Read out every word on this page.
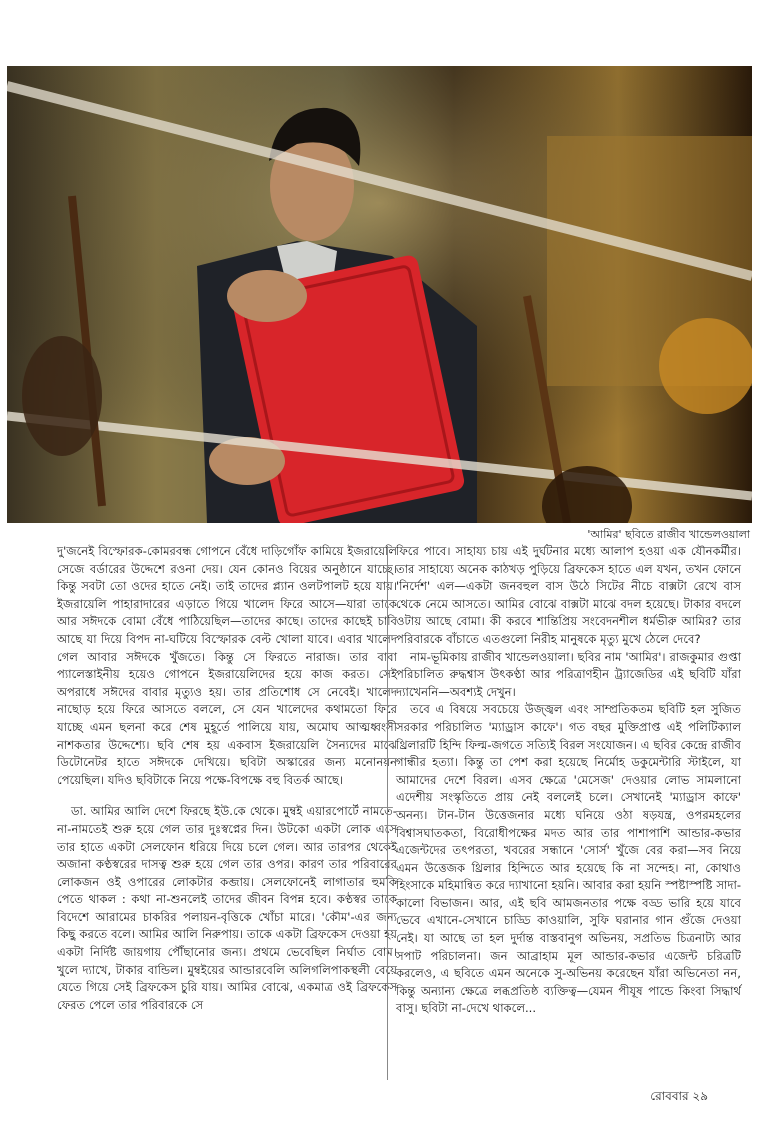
'আমির' ছবিতে রাজীব খান্ডেলওয়ালা

দু'জনেই বিস্ফোরক-কোমরবন্ধ গোপনে বেঁধে দাড়িগোঁফ কামিয়ে ইজরায়েলি সেজে বর্ডারের উদ্দেশে রওনা দেয়। যেন কোনও বিয়ের অনুষ্ঠানে যাচ্ছে। কিন্তু সবটা তো ওদের হাতে নেই। তাই তাদের প্ল্যান ওলটপালট হয়ে যায়। ইজরায়েলি পাহারাদারের এড়াতে গিয়ে খালেদ ফিরে আসে—যারা তাকে আর সঈদকে বোমা বেঁধে পাঠিয়েছিল—তাদের কাছে। তাদের কাছেই চাবি আছে যা দিয়ে বিপদ না-ঘটিয়ে বিস্ফোরক বেল্ট খোলা যাবে। এবার খালেদ গেল আবার সঈদকে খুঁজতে। কিন্তু সে ফিরতে নারাজ। তার বাবা প্যালেস্তাইনীয় হয়েও গোপনে ইজরায়েলিদের হয়ে কাজ করত। সেই অপরাধে সঈদের বাবার মৃত্যুও হয়। তার প্রতিশোধ সে নেবেই। খালেদ নাছোড় হয়ে ফিরে আসতে বললে, সে যেন খালেদের কথামতো ফিরে যাচ্ছে এমন ছলনা করে শেষ মুহূর্তে পালিয়ে যায়, অমোঘ আত্মধ্বংসী নাশকতার উদ্দেশ্যে। ছবি শেষ হয় একবাস ইজরায়েলি সৈন্যদের মাঝে ডিটোনেটর হাতে সঈদকে দেখিয়ে। ছবিটা অস্কারের জন্য মনোনয়ন পেয়েছিল। যদিও ছবিটাকে নিয়ে পক্ষে-বিপক্ষে বহু বিতর্ক আছে।

ডা. আমির আলি দেশে ফিরছে ইউ.কে থেকে। মুম্বই এয়ারপোর্টে নামতে-না-নামতেই শুরু হয়ে গেল তার দুঃস্বপ্নের দিন। উটকো একটা লোক এসে তার হাতে একটা সেলফোন ধরিয়ে দিয়ে চলে গেল। আর তারপর থেকেই অজানা কণ্ঠস্বরের দাসত্ব শুরু হয়ে গেল তার ওপর। কারণ তার পরিবারের লোকজন ওই ওপারের লোকটার কব্জায়। সেলফোনেই লাগাতার হুমকি পেতে থাকল : কথা না-শুনলেই তাদের জীবন বিপন্ন হবে। কণ্ঠস্বর তাকে বিদেশে আরামের চাকরির পলায়ন-বৃত্তিকে খোঁচা মারে। 'কৌম'-এর জন্য কিছু করতে বলে। আমির আলি নিরুপায়। তাকে একটা ব্রিফকেস দেওয়া হয় একটা নির্দিষ্ট জায়গায় পৌঁছানোর জন্য। প্রথমে ভেবেছিল নির্ঘাত বোম। খুলে দ্যাখে, টাকার বান্ডিল। মুম্বইয়ের আন্ডারবেলি অলিগলিপাকস্থলী বেয়ে যেতে গিয়ে সেই ব্রিফকেস চুরি যায়। আমির বোঝে, একমাত্র ওই ব্রিফকেস ফেরত পেলে তার পরিবারকে সে

ফিরে পাবে। সাহায্য চায় এই দুর্ঘটনার মধ্যে আলাপ হওয়া এক যৌনকর্মীর। তার সাহায্যে অনেক কাঠখড় পুড়িয়ে ব্রিফকেস হাতে এল যখন, তখন ফোনে 'নির্দেশ' এল—একটা জনবহুল বাস উঠে সিটের নীচে বাক্সটা রেখে বাস থেকে নেমে আসতে। আমির বোঝে বাক্সটা মাঝে বদল হয়েছে। টাকার বদলে ওটায় আছে বোমা। কী করবে শান্তিপ্রিয় সংবেদনশীল ধর্মভীরু আমির? তার পরিবারকে বাঁচাতে এতগুলো নিরীহ মানুষকে মৃত্যু মুখে ঠেলে দেবে?

নাম-ভূমিকায় রাজীব খান্ডেলওয়ালা। ছবির নাম 'আমির'। রাজকুমার গুপ্তা পরিচালিত রুদ্ধশ্বাস উৎকণ্ঠা আর পরিত্রাণহীন ট্র্যাজেডির এই ছবিটি যাঁরা দ্যাখেননি—অবশ্যই দেখুন।

তবে এ বিষয়ে সবচেয়ে উজ্জ্বল এবং সাম্প্রতিকতম ছবিটি হল সুজিত সরকার পরিচালিত 'ম্যাড্রাস কাফে'। গত বছর মুক্তিপ্রাপ্ত এই পলিটিক্যাল থ্রিলারটি হিন্দি ফিল্ম-জগতে সত্যিই বিরল সংযোজন। এ ছবির কেন্দ্রে রাজীব গান্ধীর হত্যা। কিন্তু তা পেশ করা হয়েছে নির্মোহ ডকুমেন্টারি স্টাইলে, যা আমাদের দেশে বিরল। এসব ক্ষেত্রে 'মেসেজ' দেওয়ার লোভ সামলানো এদেশীয় সংস্কৃতিতে প্রায় নেই বললেই চলে। সেখানেই 'ম্যাড্রাস কাফে' অনন্য। টান-টান উত্তেজনার মধ্যে ঘনিয়ে ওঠা ষড়যন্ত্র, ওপরমহলের বিশ্বাসঘাতকতা, বিরোধীপক্ষের মদত আর তার পাশাপাশি আন্ডার-কভার এজেন্টদের তৎপরতা, খবরের সন্ধানে 'সোর্স' খুঁজে বের করা—সব নিয়ে এমন উত্তেজক থ্রিলার হিন্দিতে আর হয়েছে কি না সন্দেহ। না, কোথাও হিংসাকে মহিমান্বিত করে দ্যাখানো হয়নি। আবার করা হয়নি স্পষ্টাস্পষ্টি সাদা-কালো বিভাজন। আর, এই ছবি আমজনতার পক্ষে বড্ড ভারি হয়ে যাবে ভেবে এখানে-সেখানে চাড্ডি কাওয়ালি, সুফি ঘরানার গান গুঁজে দেওয়া নেই। যা আছে তা হল দুর্দান্ত বাস্তবানুগ অভিনয়, সপ্রতিভ চিত্রনাট্য আর সপাট পরিচালনা। জন আব্রাহাম মূল আন্ডার-কভার এজেন্ট চরিত্রটি করলেও, এ ছবিতে এমন অনেকে সু-অভিনয় করেছেন যাঁরা অভিনেতা নন, কিন্তু অন্যান্য ক্ষেত্রে লব্ধপ্রতিষ্ঠ ব্যক্তিত্ব—যেমন পীযূষ পান্ডে কিংবা সিদ্ধার্থ বাসু। ছবিটা না-দেখে থাকলে...

রোববার ২৯
